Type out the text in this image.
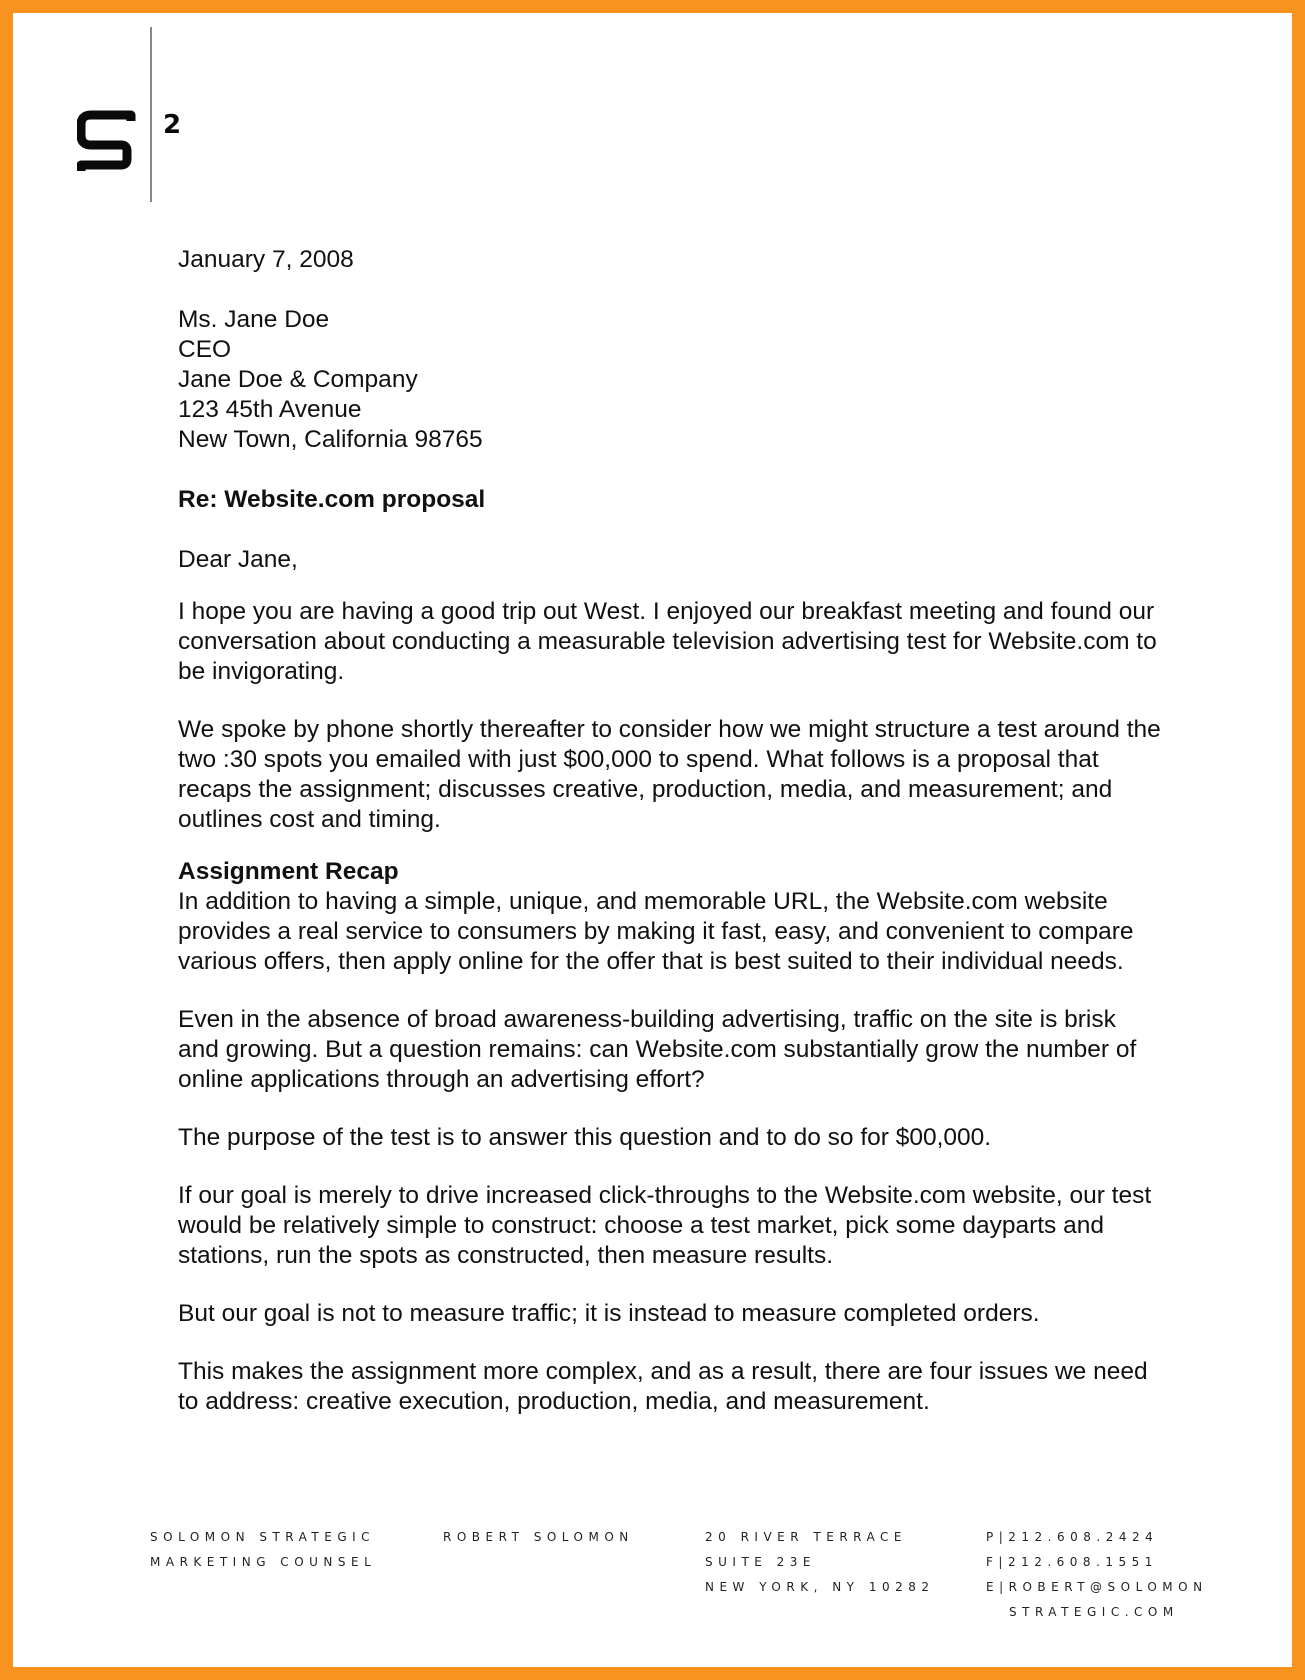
2

January 7, 2008

Ms. Jane Doe
CEO
Jane Doe & Company
123 45th Avenue
New Town, California 98765

Re: Website.com proposal

Dear Jane,

I hope you are having a good trip out West. I enjoyed our breakfast meeting and found our conversation about conducting a measurable television advertising test for Website.com to be invigorating.

We spoke by phone shortly thereafter to consider how we might structure a test around the two :30 spots you emailed with just $00,000 to spend. What follows is a proposal that recaps the assignment; discusses creative, production, media, and measurement; and outlines cost and timing.

Assignment Recap

In addition to having a simple, unique, and memorable URL, the Website.com website provides a real service to consumers by making it fast, easy, and convenient to compare various offers, then apply online for the offer that is best suited to their individual needs.

Even in the absence of broad awareness-building advertising, traffic on the site is brisk and growing. But a question remains: can Website.com substantially grow the number of online applications through an advertising effort?

The purpose of the test is to answer this question and to do so for $00,000.

If our goal is merely to drive increased click-throughs to the Website.com website, our test would be relatively simple to construct: choose a test market, pick some dayparts and stations, run the spots as constructed, then measure results.

But our goal is not to measure traffic; it is instead to measure completed orders.

This makes the assignment more complex, and as a result, there are four issues we need to address: creative execution, production, media, and measurement.

SOLOMON STRATEGIC
MARKETING COUNSEL
ROBERT SOLOMON	20 RIVER TERRACE
SUITE 23E
NEW YORK, NY 10282
P|212.608.2424
F|212.608.1551
E|ROBERT@SOLOMON
STRATEGIC.COM
